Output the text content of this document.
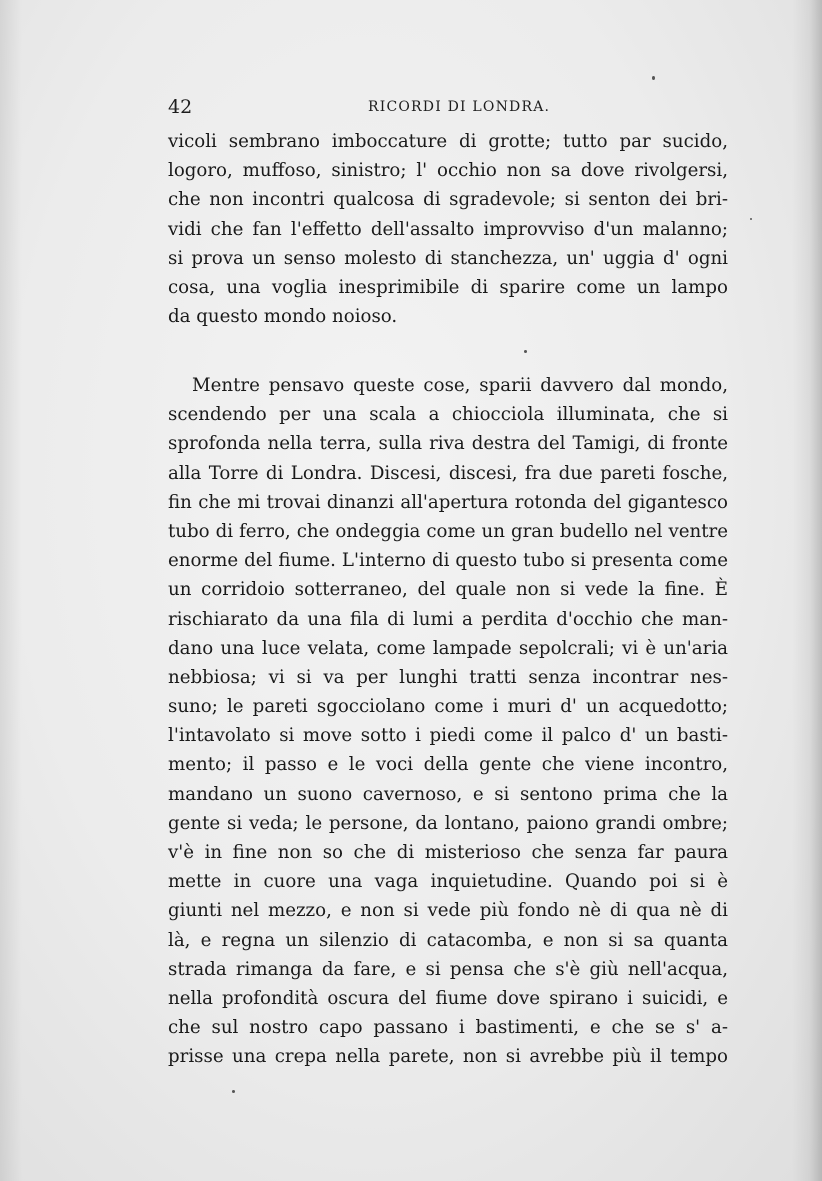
42	RICORDI DI LONDRA.
vicoli sembrano imboccature di grotte; tutto par sucido,
logoro, muffoso, sinistro; l' occhio non sa dove rivolgersi,
che non incontri qualcosa di sgradevole; si senton dei bri-
vidi che fan l'effetto dell'assalto improvviso d'un malanno;
si prova un senso molesto di stanchezza, un' uggia d' ogni
cosa, una voglia inesprimibile di sparire come un lampo
da questo mondo noioso.
Mentre pensavo queste cose, sparii davvero dal mondo,
scendendo per una scala a chiocciola illuminata, che si
sprofonda nella terra, sulla riva destra del Tamigi, di fronte
alla Torre di Londra. Discesi, discesi, fra due pareti fosche,
fin che mi trovai dinanzi all'apertura rotonda del gigantesco
tubo di ferro, che ondeggia come un gran budello nel ventre
enorme del fiume. L'interno di questo tubo si presenta come
un corridoio sotterraneo, del quale non si vede la fine. È
rischiarato da una fila di lumi a perdita d'occhio che man-
dano una luce velata, come lampade sepolcrali; vi è un'aria
nebbiosa; vi si va per lunghi tratti senza incontrar nes-
suno; le pareti sgocciolano come i muri d' un acquedotto;
l'intavolato si move sotto i piedi come il palco d' un basti-
mento; il passo e le voci della gente che viene incontro,
mandano un suono cavernoso, e si sentono prima che la
gente si veda; le persone, da lontano, paiono grandi ombre;
v'è in fine non so che di misterioso che senza far paura
mette in cuore una vaga inquietudine. Quando poi si è
giunti nel mezzo, e non si vede più fondo nè di qua nè di
là, e regna un silenzio di catacomba, e non si sa quanta
strada rimanga da fare, e si pensa che s'è giù nell'acqua,
nella profondità oscura del fiume dove spirano i suicidi, e
che sul nostro capo passano i bastimenti, e che se s' a-
prisse una crepa nella parete, non si avrebbe più il tempo
